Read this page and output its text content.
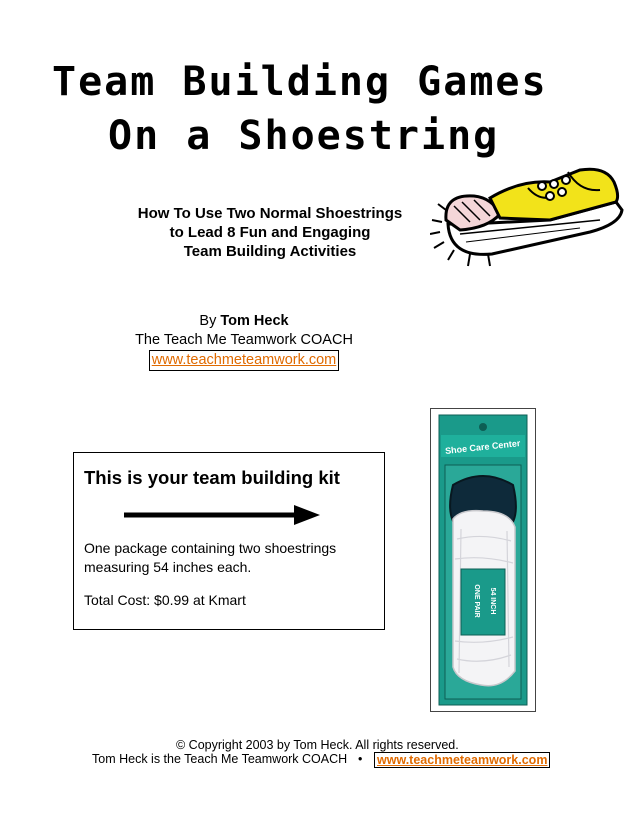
Team Building Games
On a Shoestring
How To Use Two Normal Shoestrings
to Lead 8 Fun and Engaging
Team Building Activities
By Tom Heck
The Teach Me Teamwork COACH
www.teachmeteamwork.com
This is your team building kit
One package containing two shoestrings
measuring 54 inches each.
Total Cost: $0.99 at Kmart
Shoe Care Center
ONE PAIR 54 INCH
© Copyright 2003 by Tom Heck. All rights reserved.
Tom Heck is the Teach Me Teamwork COACH • www.teachmeteamwork.com
